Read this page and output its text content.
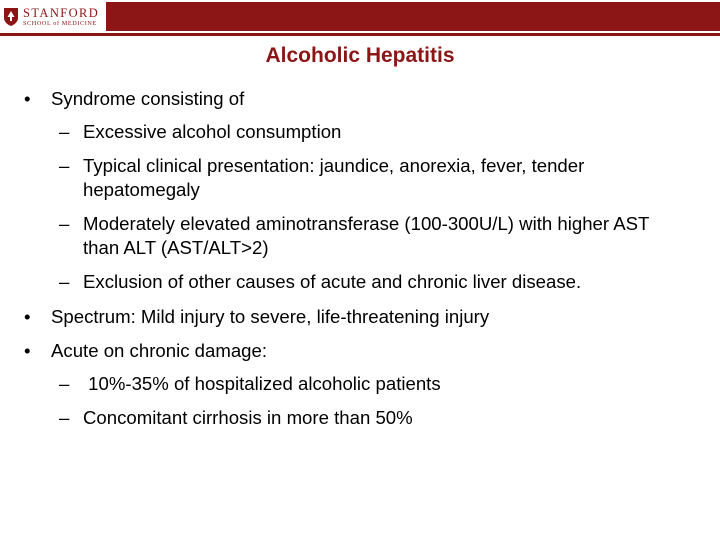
STANFORD
SCHOOL of MEDICINE
Alcoholic Hepatitis
• Syndrome consisting of
– Excessive alcohol consumption
– Typical clinical presentation: jaundice, anorexia, fever, tender hepatomegaly
– Moderately elevated aminotransferase (100-300U/L) with higher AST than ALT (AST/ALT>2)
– Exclusion of other causes of acute and chronic liver disease.
• Spectrum: Mild injury to severe, life-threatening injury
• Acute on chronic damage:
– 10%-35% of hospitalized alcoholic patients
– Concomitant cirrhosis in more than 50%
